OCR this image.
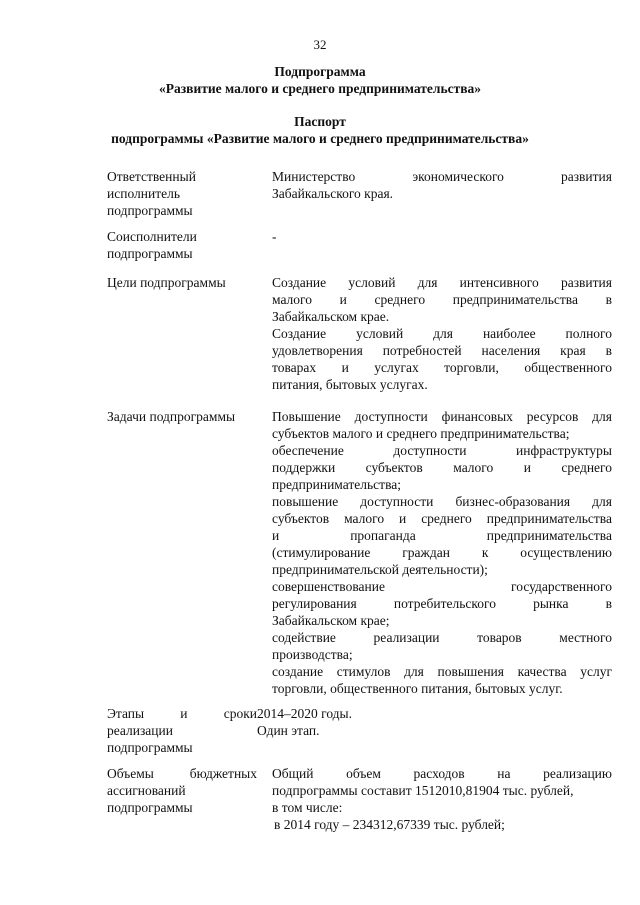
32
Подпрограмма
«Развитие малого и среднего предпринимательства»
Паспорт
подпрограммы «Развитие малого и среднего предпринимательства»
Ответственный
исполнитель
подпрограммы
Министерство экономического развития
Забайкальского края.
Соисполнители
подпрограммы
-
Цели подпрограммы	Создание условий для интенсивного развития
малого и среднего предпринимательства в
Забайкальском крае.
Создание условий для наиболее полного
удовлетворения потребностей населения края в
товарах и услугах торговли, общественного
питания, бытовых услугах.
Задачи подпрограммы	Повышение доступности финансовых ресурсов для
субъектов малого и среднего предпринимательства;
обеспечение доступности инфраструктуры
поддержки субъектов малого и среднего
предпринимательства;
повышение доступности бизнес-образования для
субъектов малого и среднего предпринимательства
и пропаганда предпринимательства
(стимулирование граждан к осуществлению
предпринимательской деятельности);
совершенствование государственного
регулирования потребительского рынка в
Забайкальском крае;
содействие реализации товаров местного
производства;
создание стимулов для повышения качества услуг
торговли, общественного питания, бытовых услуг.
Этапы и сроки
реализации
подпрограммы
2014–2020 годы.
Один этап.
Объемы бюджетных
ассигнований
подпрограммы
Общий объем расходов на реализацию
подпрограммы составит 1512010,81904 тыс. рублей,
в том числе:
в 2014 году – 234312,67339 тыс. рублей;
